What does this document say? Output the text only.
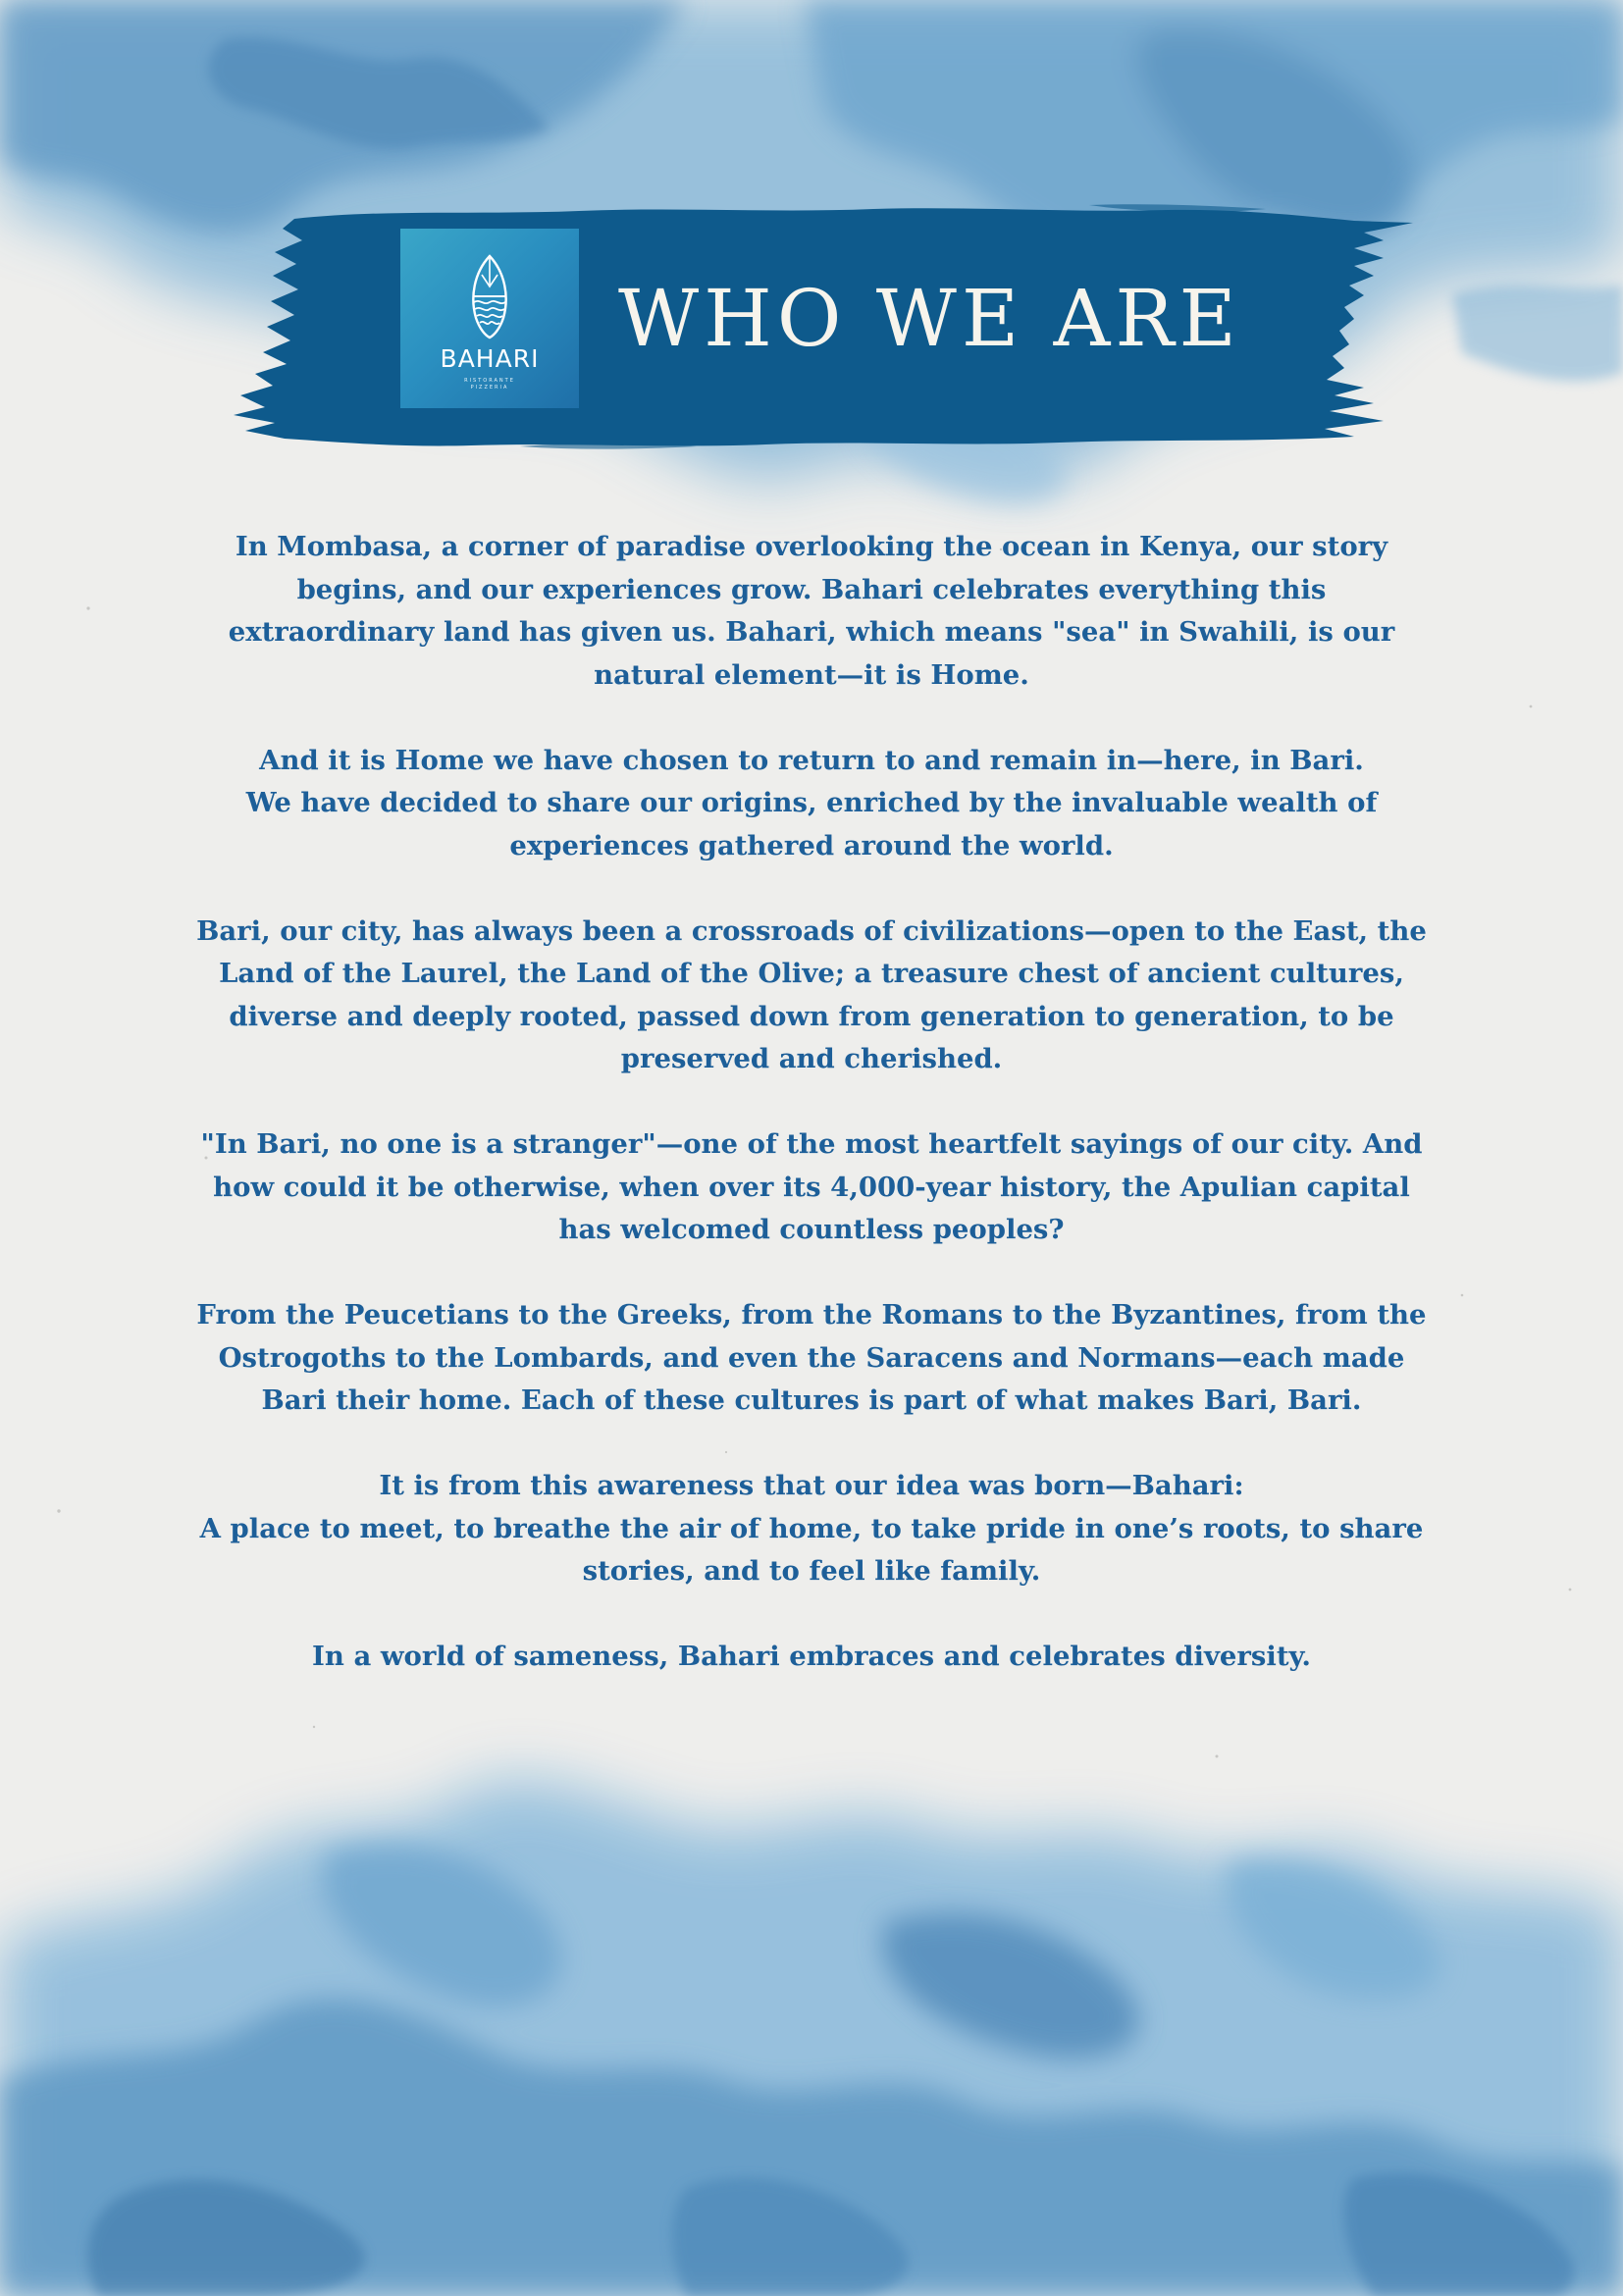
BAHARI
RISTORANTE
PIZZERIA
WHO WE ARE

In Mombasa, a corner of paradise overlooking the ocean in Kenya, our story
begins, and our experiences grow. Bahari celebrates everything this
extraordinary land has given us. Bahari, which means "sea" in Swahili, is our
natural element—it is Home.

And it is Home we have chosen to return to and remain in—here, in Bari.
We have decided to share our origins, enriched by the invaluable wealth of
experiences gathered around the world.

Bari, our city, has always been a crossroads of civilizations—open to the East, the
Land of the Laurel, the Land of the Olive; a treasure chest of ancient cultures,
diverse and deeply rooted, passed down from generation to generation, to be
preserved and cherished.

"In Bari, no one is a stranger"—one of the most heartfelt sayings of our city. And
how could it be otherwise, when over its 4,000-year history, the Apulian capital
has welcomed countless peoples?

From the Peucetians to the Greeks, from the Romans to the Byzantines, from the
Ostrogoths to the Lombards, and even the Saracens and Normans—each made
Bari their home. Each of these cultures is part of what makes Bari, Bari.

It is from this awareness that our idea was born—Bahari:
A place to meet, to breathe the air of home, to take pride in one’s roots, to share
stories, and to feel like family.

In a world of sameness, Bahari embraces and celebrates diversity.
